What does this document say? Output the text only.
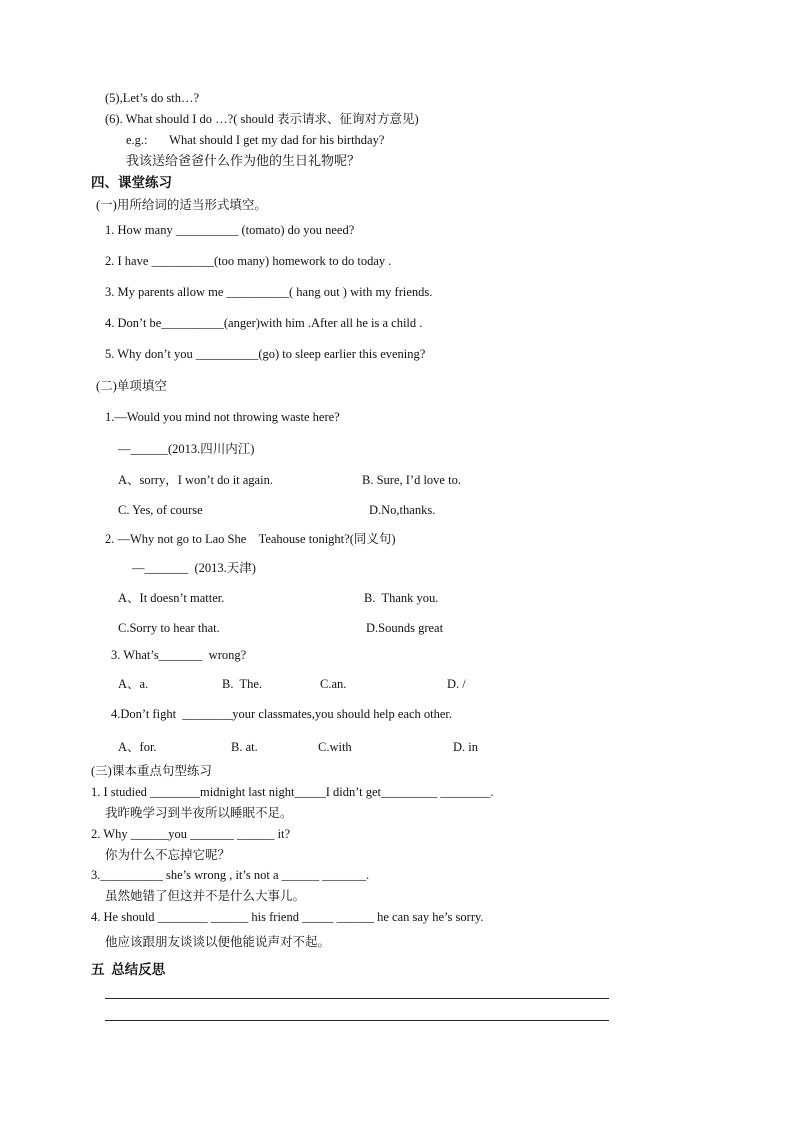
(5),Let’s do sth…?
(6). What should I do …?( should 表示请求、征询对方意见)
e.g.:       What should I get my dad for his birthday?
我该送给爸爸什么作为他的生日礼物呢？
四、课堂练习
(一)用所给词的适当形式填空。
1. How many __________ (tomato) do you need?
2. I have __________(too many) homework to do today .
3. My parents allow me __________( hang out ) with my friends.
4. Don’t be__________(anger)with him .After all he is a child .
5. Why don’t you __________(go) to sleep earlier this evening?
(二)单项填空
1.—Would you mind not throwing waste here?
—______(2013.四川内江)
A、sorry，I won’t do it again.	B. Sure, I’d love to.
C. Yes, of course	D.No,thanks.
2. —Why not go to Lao She    Teahouse tonight?(同义句)
—_______  (2013.天津)
A、It doesn’t matter.	B.  Thank you.
C.Sorry to hear that.	D.Sounds great
3. What’s_______  wrong?
A、a.	B.  The.	C.an.	D. /
4.Don’t fight  ________your classmates,you should help each other.
A、for.	B. at.	C.with	D. in
(三)课本重点句型练习
1. I studied ________midnight last night_____I didn’t get_________ ________.
我昨晚学习到半夜所以睡眠不足。
2. Why ______you _______ ______ it?
你为什么不忘掉它呢？
3.__________ she’s wrong , it’s not a ______ _______.
虽然她错了但这并不是什么大事儿。
4. He should ________ ______ his friend _____ ______ he can say he’s sorry.
他应该跟朋友谈谈以便他能说声对不起。
五  总结反思
